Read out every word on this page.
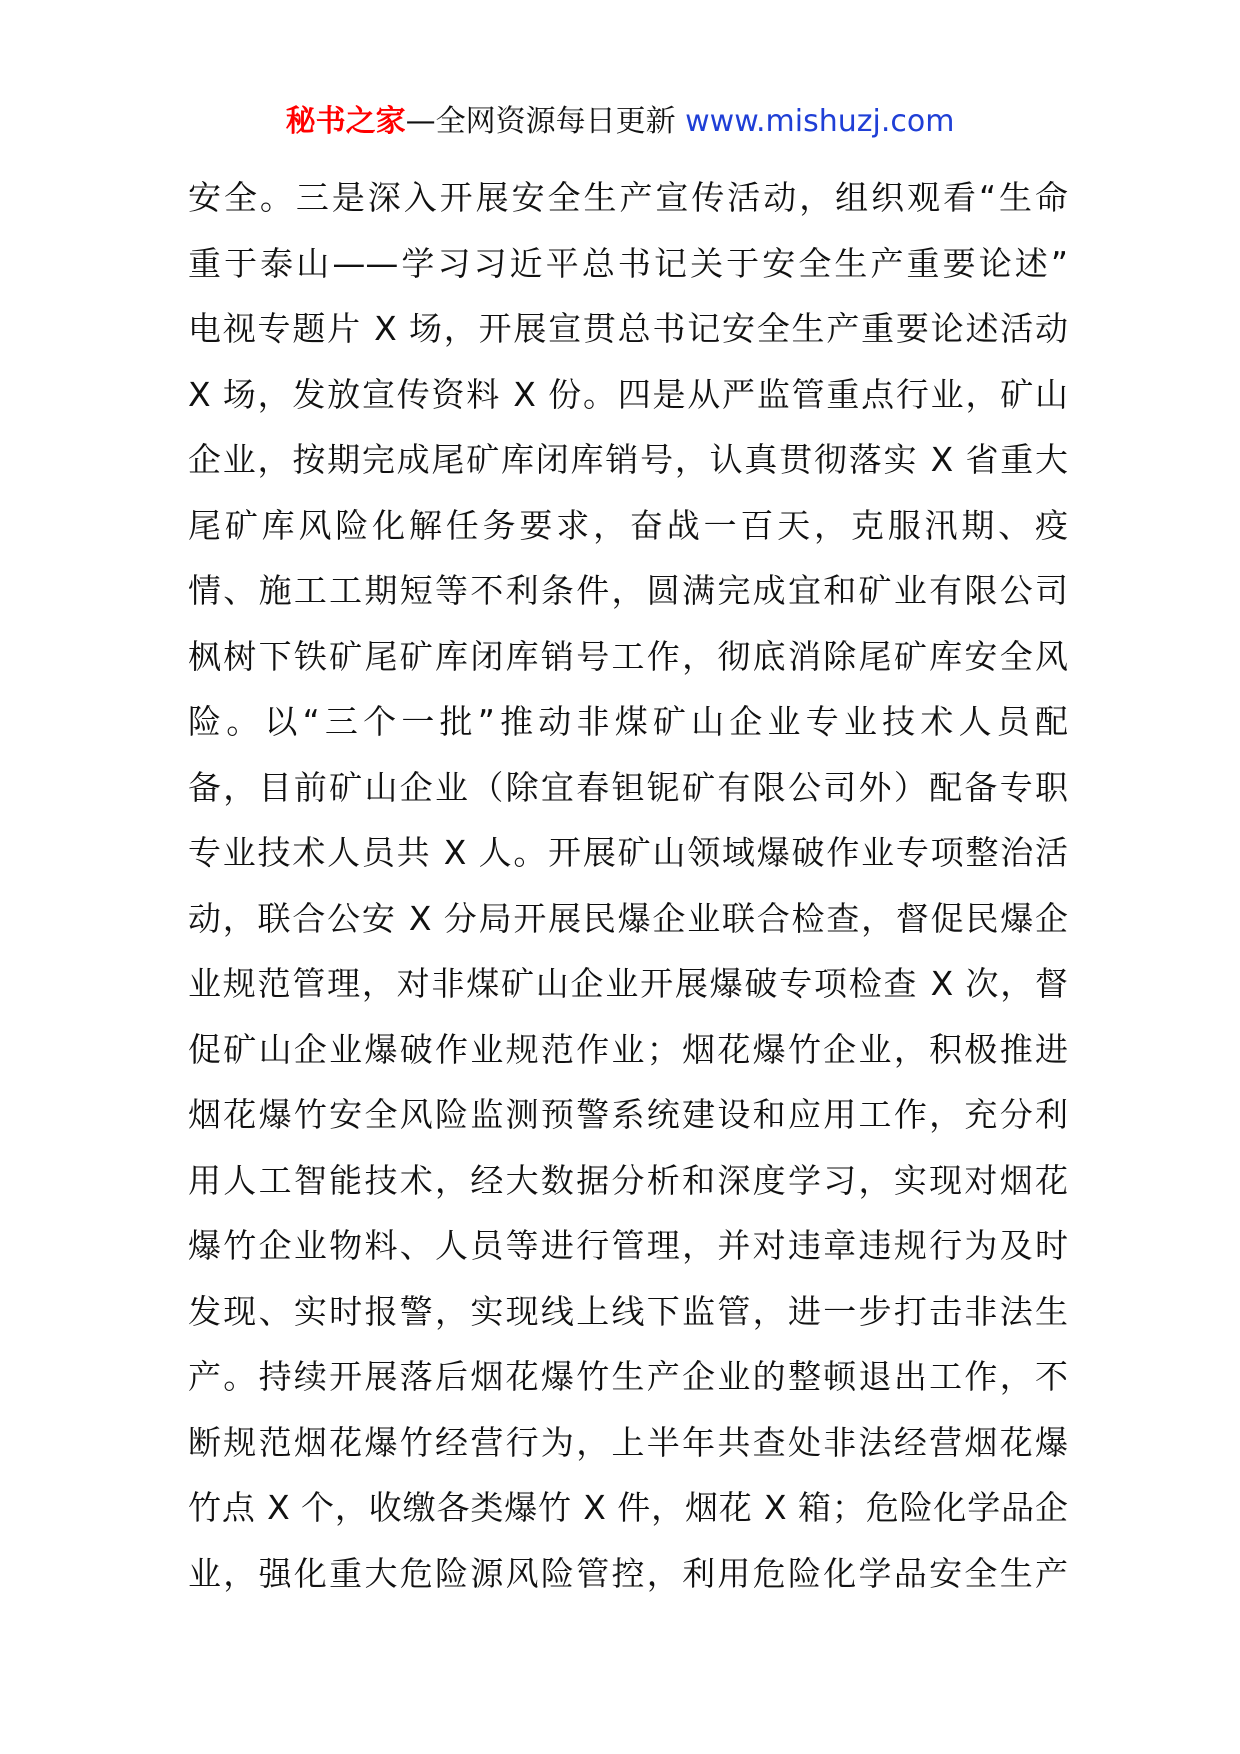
秘书之家—全网资源每日更新 www.mishuzj.com
安全。三是深入开展安全生产宣传活动，组织观看“生命
重于泰山——学习习近平总书记关于安全生产重要论述”
电视专题片 X 场，开展宣贯总书记安全生产重要论述活动
X 场，发放宣传资料 X 份。四是从严监管重点行业，矿山
企业，按期完成尾矿库闭库销号，认真贯彻落实 X 省重大
尾矿库风险化解任务要求，奋战一百天，克服汛期、疫
情、施工工期短等不利条件，圆满完成宜和矿业有限公司
枫树下铁矿尾矿库闭库销号工作，彻底消除尾矿库安全风
险。以“三个一批”推动非煤矿山企业专业技术人员配
备，目前矿山企业（除宜春钽铌矿有限公司外）配备专职
专业技术人员共 X 人。开展矿山领域爆破作业专项整治活
动，联合公安 X 分局开展民爆企业联合检查，督促民爆企
业规范管理，对非煤矿山企业开展爆破专项检查 X 次，督
促矿山企业爆破作业规范作业；烟花爆竹企业，积极推进
烟花爆竹安全风险监测预警系统建设和应用工作，充分利
用人工智能技术，经大数据分析和深度学习，实现对烟花
爆竹企业物料、人员等进行管理，并对违章违规行为及时
发现、实时报警，实现线上线下监管，进一步打击非法生
产。持续开展落后烟花爆竹生产企业的整顿退出工作，不
断规范烟花爆竹经营行为，上半年共查处非法经营烟花爆
竹点 X 个，收缴各类爆竹 X 件，烟花 X 箱；危险化学品企
业，强化重大危险源风险管控，利用危险化学品安全生产
